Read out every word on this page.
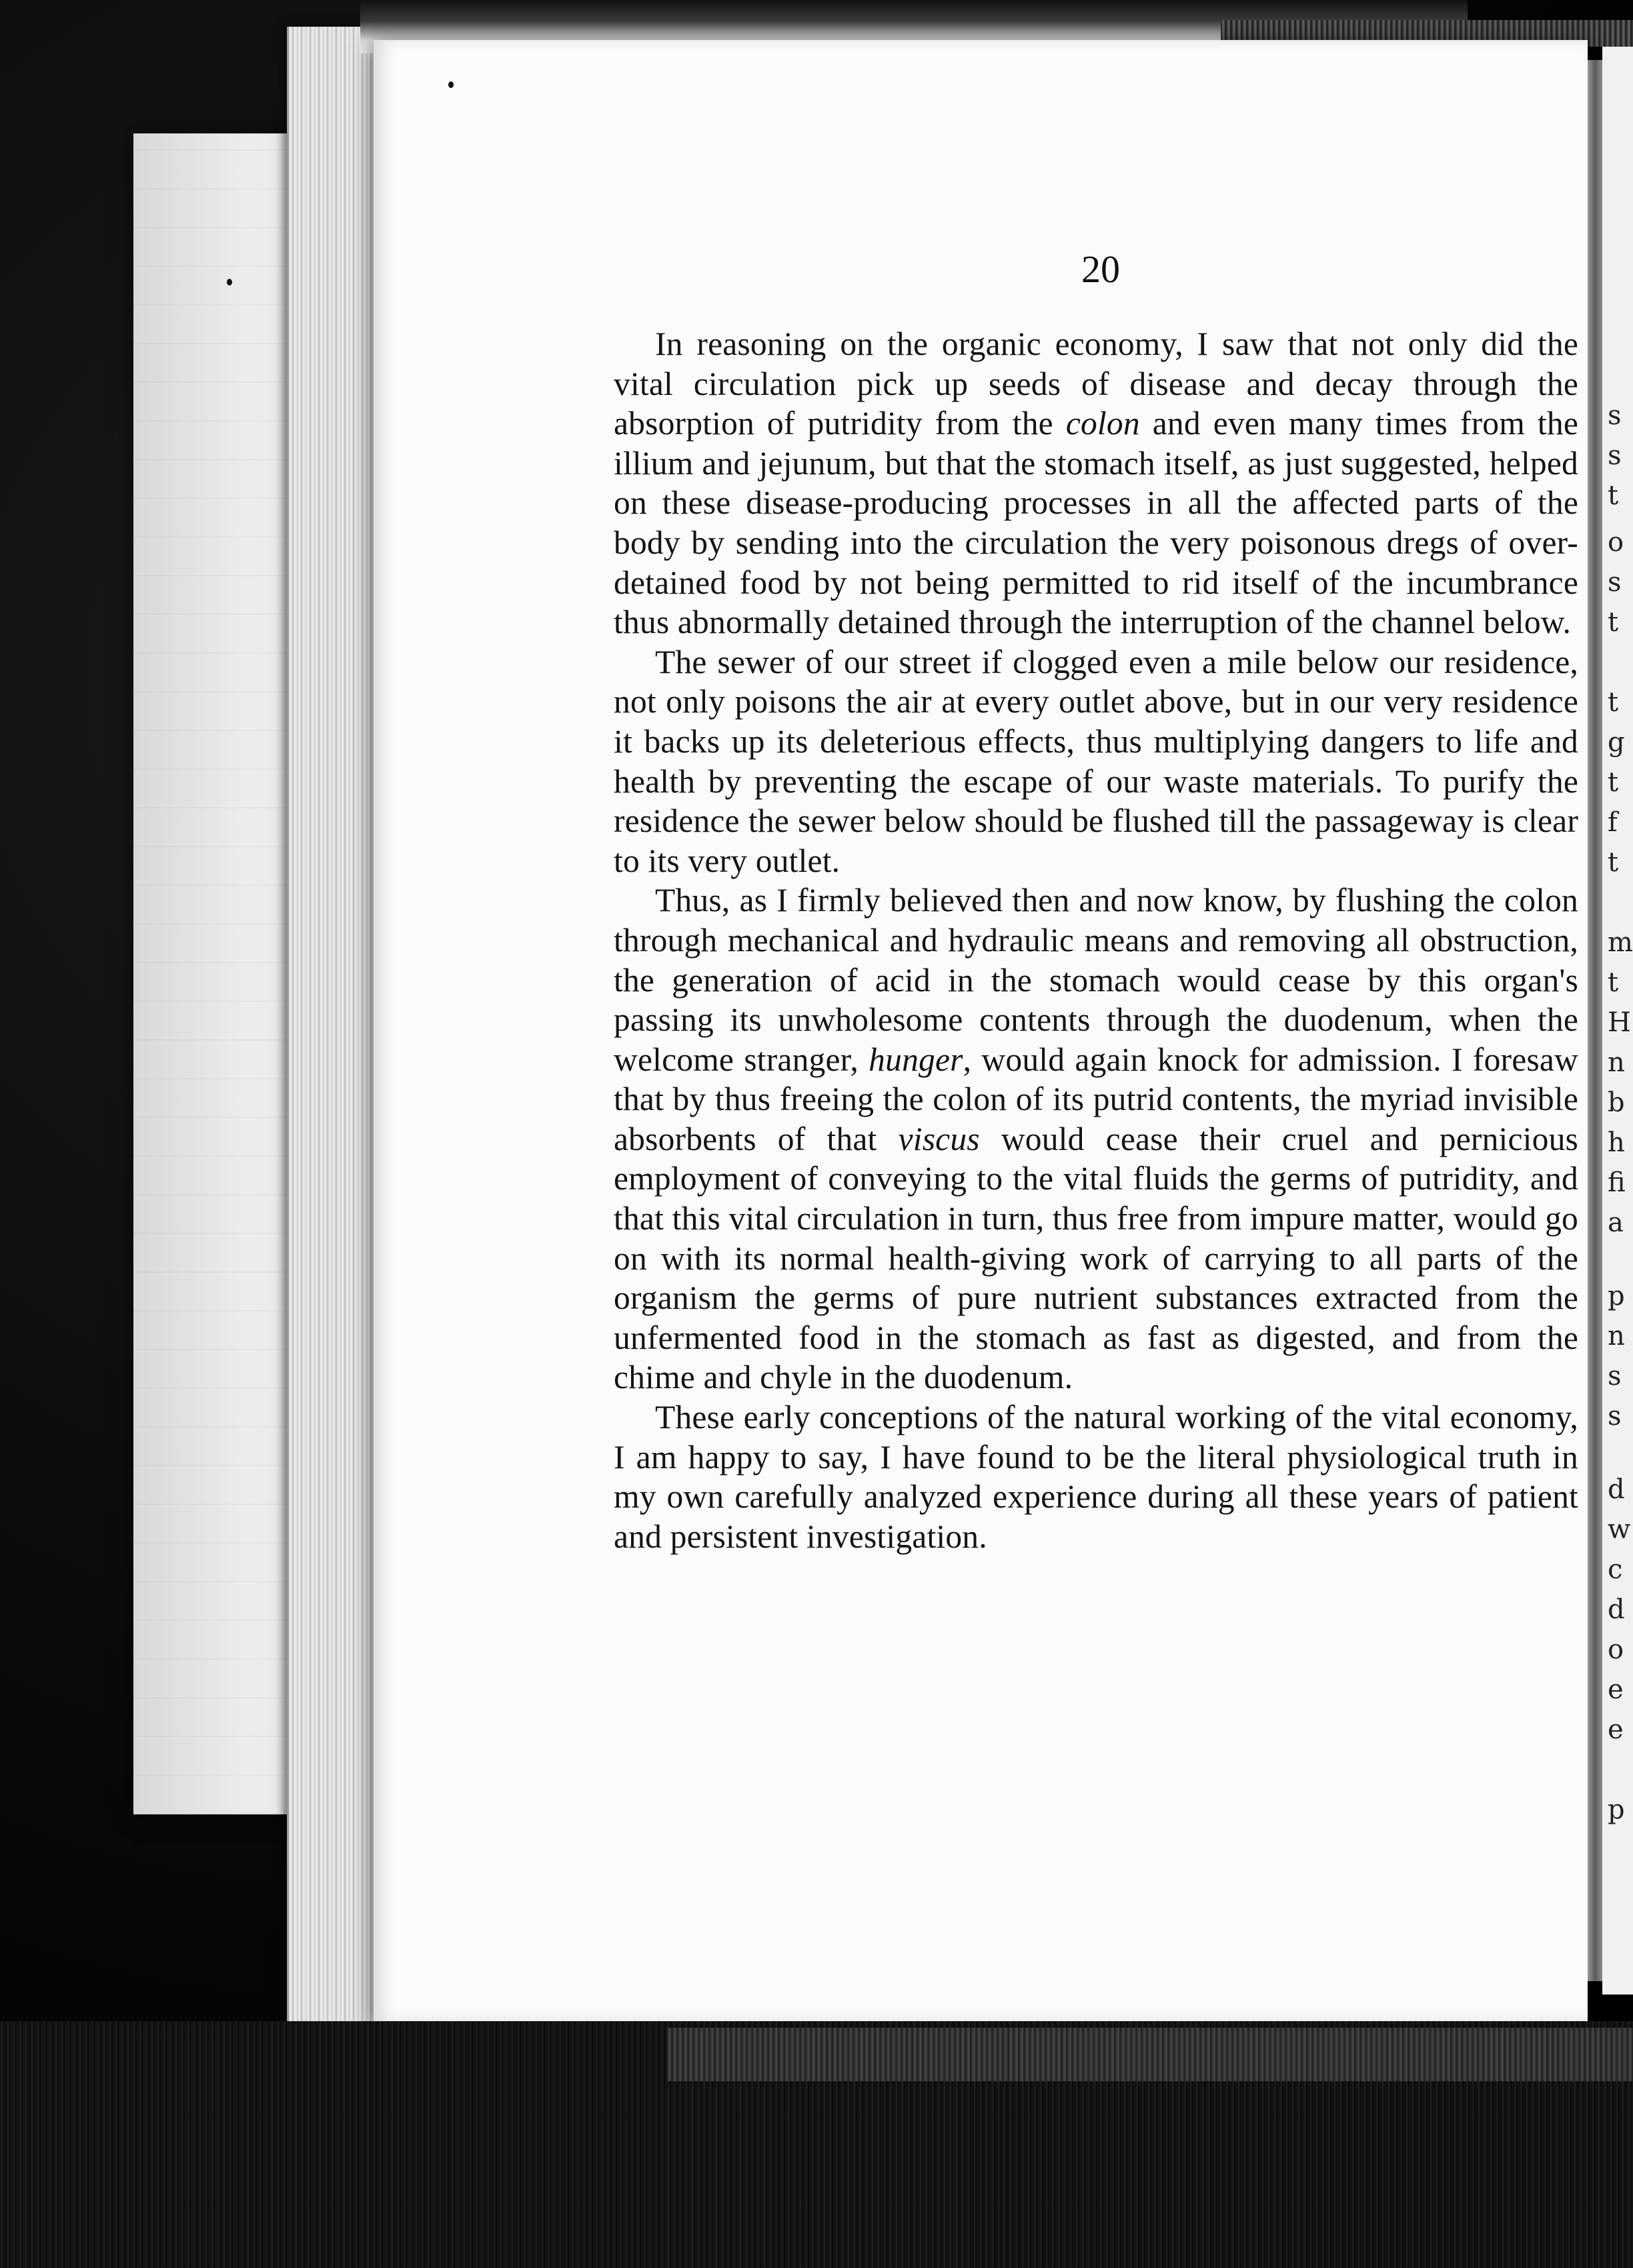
20

In reasoning on the organic economy, I saw that not only did the vital circulation pick up seeds of disease and decay through the absorption of putridity from the colon and even many times from the illium and jejunum, but that the stomach itself, as just suggested, helped on these disease-producing processes in all the affected parts of the body by sending into the circulation the very poisonous dregs of over-detained food by not being permitted to rid itself of the incumbrance thus abnormally detained through the interruption of the channel below.

The sewer of our street if clogged even a mile below our residence, not only poisons the air at every outlet above, but in our very residence it backs up its deleterious effects, thus multiplying dangers to life and health by preventing the escape of our waste materials. To purify the residence the sewer below should be flushed till the passageway is clear to its very outlet.

Thus, as I firmly believed then and now know, by flushing the colon through mechanical and hydraulic means and removing all obstruction, the generation of acid in the stomach would cease by this organ's passing its unwholesome contents through the duodenum, when the welcome stranger, hunger, would again knock for admission. I foresaw that by thus freeing the colon of its putrid contents, the myriad invisible absorbents of that viscus would cease their cruel and pernicious employment of conveying to the vital fluids the germs of putridity, and that this vital circulation in turn, thus free from impure matter, would go on with its normal health-giving work of carrying to all parts of the organism the germs of pure nutrient substances extracted from the unfermented food in the stomach as fast as digested, and from the chime and chyle in the duodenum.

These early conceptions of the natural working of the vital economy, I am happy to say, I have found to be the literal physiological truth in my own carefully analyzed experience during all these years of patient and persistent investigation.

s
s
t
o
s
t
t
g
t
f
t
m
t
H
n
b
h
fi
a
p
n
s
s
d
w
c
d
o
e
e
p
